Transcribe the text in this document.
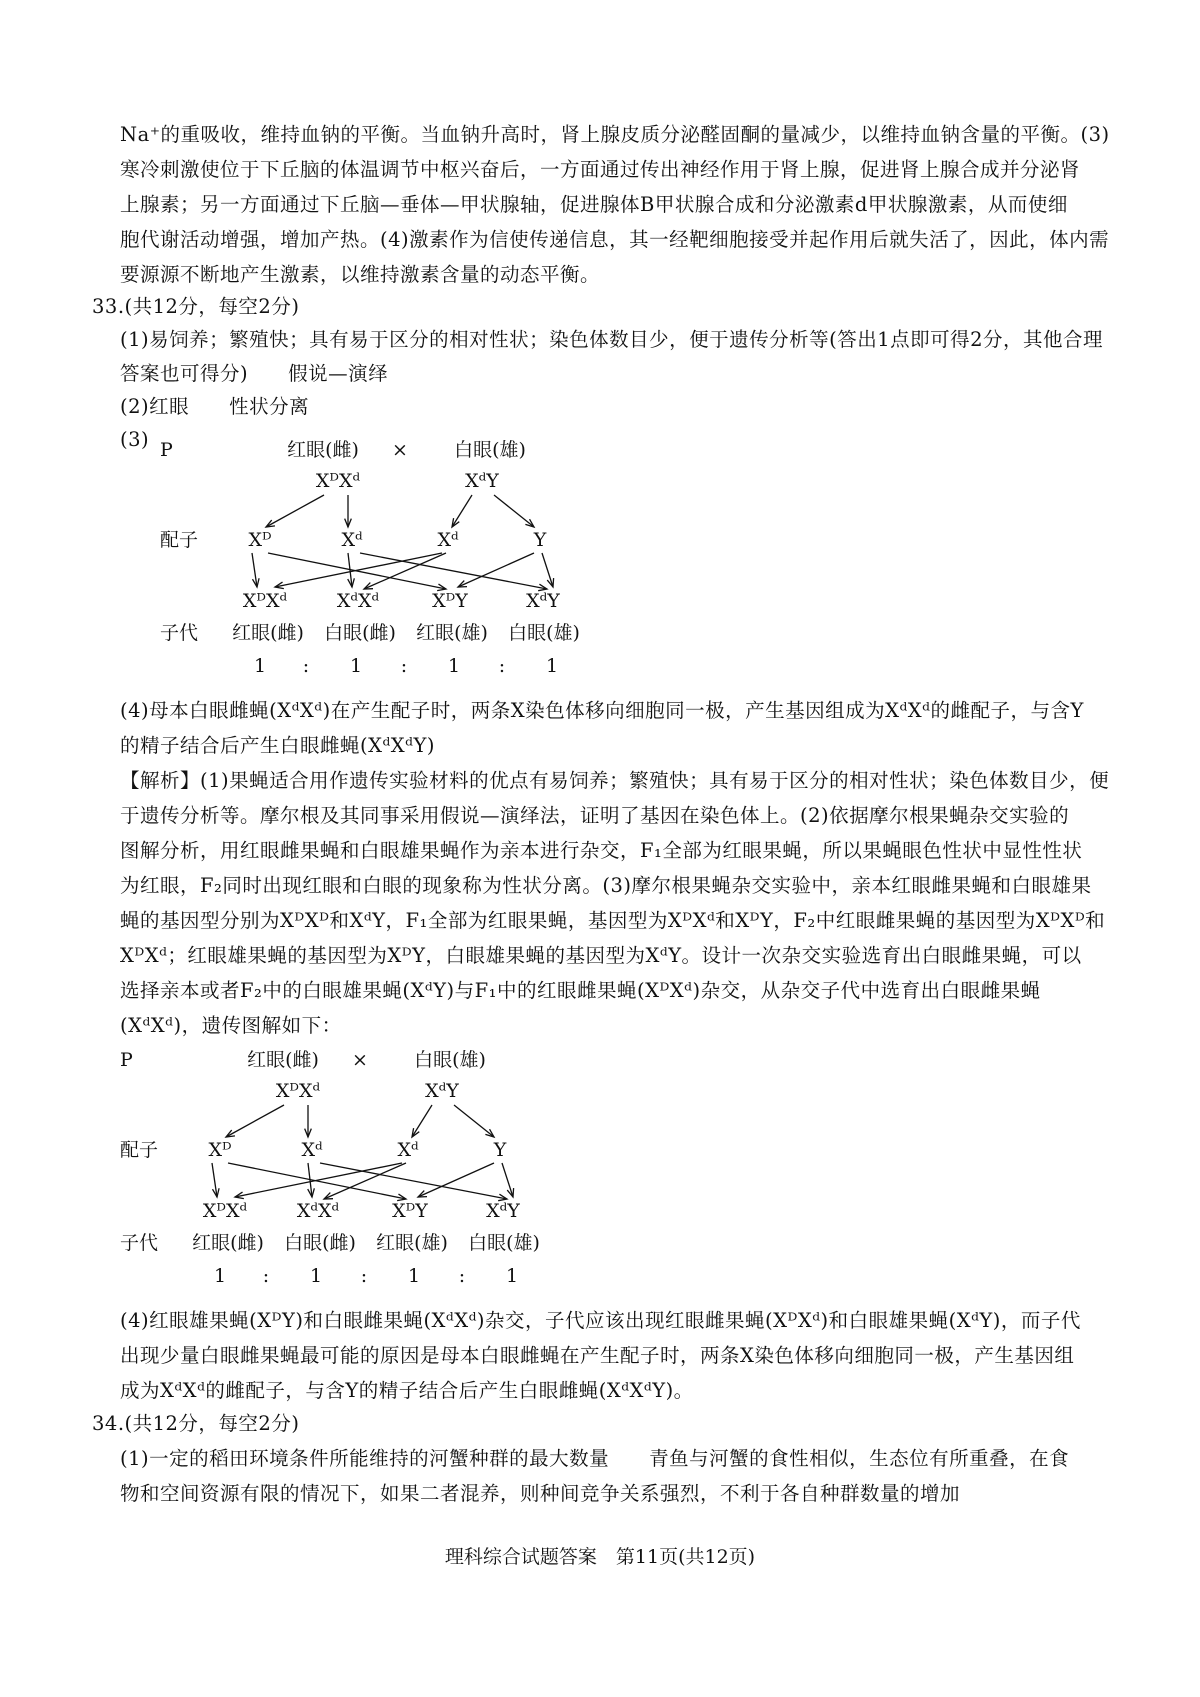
Na⁺的重吸收，维持血钠的平衡。当血钠升高时，肾上腺皮质分泌醛固酮的量减少，以维持血钠含量的平衡。(3)
寒冷刺激使位于下丘脑的体温调节中枢兴奋后，一方面通过传出神经作用于肾上腺，促进肾上腺合成并分泌肾
上腺素；另一方面通过下丘脑—垂体—甲状腺轴，促进腺体B甲状腺合成和分泌激素d甲状腺激素，从而使细
胞代谢活动增强，增加产热。(4)激素作为信使传递信息，其一经靶细胞接受并起作用后就失活了，因此，体内需
要源源不断地产生激素，以维持激素含量的动态平衡。
33.(共12分，每空2分)
(1)易饲养；繁殖快；具有易于区分的相对性状；染色体数目少，便于遗传分析等(答出1点即可得2分，其他合理
答案也可得分)　　假说—演绎
(2)红眼　　性状分离
(3) P	红眼(雌) × 白眼(雄)
XᴰXᵈ	XᵈY
配子	Xᴰ	Xᵈ	Xᵈ	Y
XᴰXᵈ	XᵈXᵈ	XᴰY	XᵈY
子代 红眼(雌) 白眼(雌) 红眼(雄) 白眼(雄)
1 : 1 : 1 : 1
(4)母本白眼雌蝇(XᵈXᵈ)在产生配子时，两条X染色体移向细胞同一极，产生基因组成为XᵈXᵈ的雌配子，与含Y
的精子结合后产生白眼雌蝇(XᵈXᵈY)
【解析】(1)果蝇适合用作遗传实验材料的优点有易饲养；繁殖快；具有易于区分的相对性状；染色体数目少，便
于遗传分析等。摩尔根及其同事采用假说—演绎法，证明了基因在染色体上。(2)依据摩尔根果蝇杂交实验的
图解分析，用红眼雌果蝇和白眼雄果蝇作为亲本进行杂交，F₁全部为红眼果蝇，所以果蝇眼色性状中显性性状
为红眼，F₂同时出现红眼和白眼的现象称为性状分离。(3)摩尔根果蝇杂交实验中，亲本红眼雌果蝇和白眼雄果
蝇的基因型分别为XᴰXᴰ和XᵈY，F₁全部为红眼果蝇，基因型为XᴰXᵈ和XᴰY，F₂中红眼雌果蝇的基因型为XᴰXᴰ和
XᴰXᵈ；红眼雄果蝇的基因型为XᴰY，白眼雄果蝇的基因型为XᵈY。设计一次杂交实验选育出白眼雌果蝇，可以
选择亲本或者F₂中的白眼雄果蝇(XᵈY)与F₁中的红眼雌果蝇(XᴰXᵈ)杂交，从杂交子代中选育出白眼雌果蝇
(XᵈXᵈ)，遗传图解如下：
P	红眼(雌) × 白眼(雄)
XᴰXᵈ	XᵈY
配子	Xᴰ	Xᵈ	Xᵈ	Y
XᴰXᵈ	XᵈXᵈ	XᴰY	XᵈY
子代 红眼(雌) 白眼(雌) 红眼(雄) 白眼(雄)
1 : 1 : 1 : 1
(4)红眼雄果蝇(XᴰY)和白眼雌果蝇(XᵈXᵈ)杂交，子代应该出现红眼雌果蝇(XᴰXᵈ)和白眼雄果蝇(XᵈY)，而子代
出现少量白眼雌果蝇最可能的原因是母本白眼雌蝇在产生配子时，两条X染色体移向细胞同一极，产生基因组
成为XᵈXᵈ的雌配子，与含Y的精子结合后产生白眼雌蝇(XᵈXᵈY)。
34.(共12分，每空2分)
(1)一定的稻田环境条件所能维持的河蟹种群的最大数量　　青鱼与河蟹的食性相似，生态位有所重叠，在食
物和空间资源有限的情况下，如果二者混养，则种间竞争关系强烈，不利于各自种群数量的增加
理科综合试题答案　第11页(共12页)
